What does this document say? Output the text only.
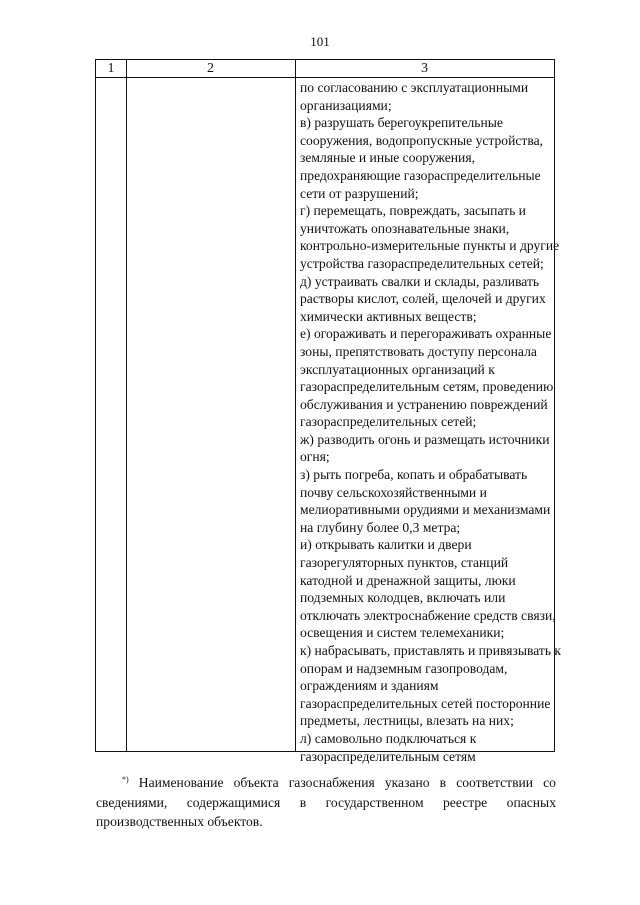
101
1	2	3
по согласованию с эксплуатационными
организациями;
в) разрушать берегоукрепительные
сооружения, водопропускные устройства,
земляные и иные сооружения,
предохраняющие газораспределительные
сети от разрушений;
г) перемещать, повреждать, засыпать и
уничтожать опознавательные знаки,
контрольно-измерительные пункты и другие
устройства газораспределительных сетей;
д) устраивать свалки и склады, разливать
растворы кислот, солей, щелочей и других
химически активных веществ;
е) огораживать и перегораживать охранные
зоны, препятствовать доступу персонала
эксплуатационных организаций к
газораспределительным сетям, проведению
обслуживания и устранению повреждений
газораспределительных сетей;
ж) разводить огонь и размещать источники
огня;
з) рыть погреба, копать и обрабатывать
почву сельскохозяйственными и
мелиоративными орудиями и механизмами
на глубину более 0,3 метра;
и) открывать калитки и двери
газорегуляторных пунктов, станций
катодной и дренажной защиты, люки
подземных колодцев, включать или
отключать электроснабжение средств связи,
освещения и систем телемеханики;
к) набрасывать, приставлять и привязывать к
опорам и надземным газопроводам,
ограждениям и зданиям
газораспределительных сетей посторонние
предметы, лестницы, влезать на них;
л) самовольно подключаться к
газораспределительным сетям
*) Наименование объекта газоснабжения указано в соответствии со
сведениями, содержащимися в государственном реестре опасных
производственных объектов.
